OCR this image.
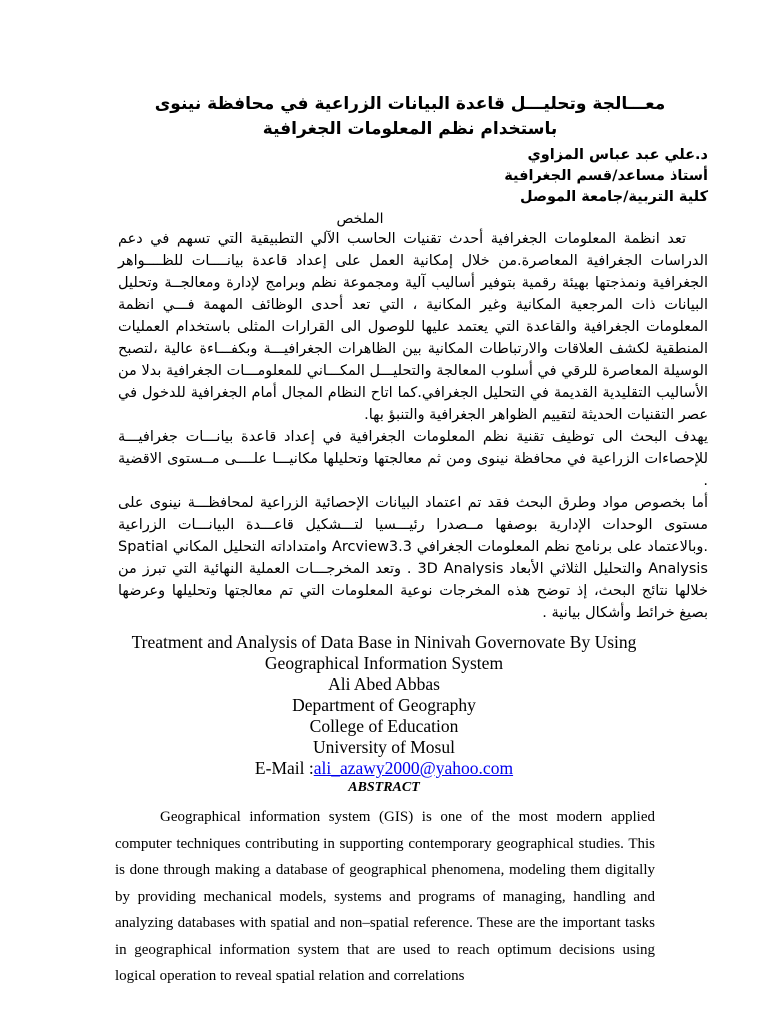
معـــالجة وتحليـــل قاعدة البيانات الزراعية في محافظة نينوى
باستخدام نظم المعلومات الجغرافية
د.علي عبد عباس المزاوي
أستاذ مساعد/قسم الجغرافية
كلية التربية/جامعة الموصل
الملخص

تعد انظمة المعلومات الجغرافية أحدث تقنيات الحاسب الآلي التطبيقية التي تسهم في دعم الدراسات الجغرافية المعاصرة.من خلال إمكانية العمل على إعداد قاعدة بيانــــات للظــــواهر الجغرافية ونمذجتها بهيئة رقمية بتوفير أساليب آلية ومجموعة نظم وبرامج لإدارة ومعالجــة وتحليل البيانات ذات المرجعية المكانية وغير المكانية ، التي تعد أحدى الوظائف المهمة فـــي انظمة المعلومات الجغرافية والقاعدة التي يعتمد عليها للوصول الى القرارات المثلى باستخدام العمليات المنطقية لكشف العلاقات والارتباطات المكانية بين الظاهرات الجغرافيـــة وبكفـــاءة عالية ،لتصبح الوسيلة المعاصرة للرقي في أسلوب المعالجة والتحليـــل المكـــاني للمعلومـــات الجغرافية بدلا من الأساليب التقليدية القديمة في التحليل الجغرافي.كما اتاح النظام المجال أمام الجغرافية للدخول في عصر التقنيات الحديثة لتقييم الظواهر الجغرافية والتنبؤ بها.

يهدف البحث الى توظيف تقنية نظم المعلومات الجغرافية في إعداد قاعدة بيانـــات جغرافيـــة للإحصاءات الزراعية في محافظة نينوى ومن ثم معالجتها وتحليلها مكانيـــا علــــى مــستوى الاقضية .

أما بخصوص مواد وطرق البحث فقد تم اعتماد البيانات الإحصائية الزراعية لمحافظـــة نينوى على مستوى الوحدات الإدارية بوصفها مــصدرا رئيـــسيا لتـــشكيل قاعـــدة البيانـــات الزراعية .وبالاعتماد على برنامج نظم المعلومات الجغرافي Arcview3.3 وامتداداته التحليل المكاني Spatial Analysis والتحليل الثلاثي الأبعاد 3D Analysis . وتعد المخرجـــات العملية النهائية التي تبرز من خلالها نتائج البحث، إذ توضح هذه المخرجات نوعية المعلومات التي تم معالجتها وتحليلها وعرضها بصيغ خرائط وأشكال بيانية .

Treatment and Analysis of Data Base in Ninivah Governovate By Using
Geographical Information System
Ali Abed Abbas
Department of Geography
College of Education
University of Mosul
E-Mail :ali_azawy2000@yahoo.com
ABSTRACT

Geographical information system (GIS) is one of the most modern applied computer techniques contributing in supporting contemporary geographical studies. This is done through making a database of geographical phenomena, modeling them digitally by providing mechanical models, systems and programs of managing, handling and analyzing databases with spatial and non–spatial reference. These are the important tasks in geographical information system that are used to reach optimum decisions using logical operation to reveal spatial relation and correlations
